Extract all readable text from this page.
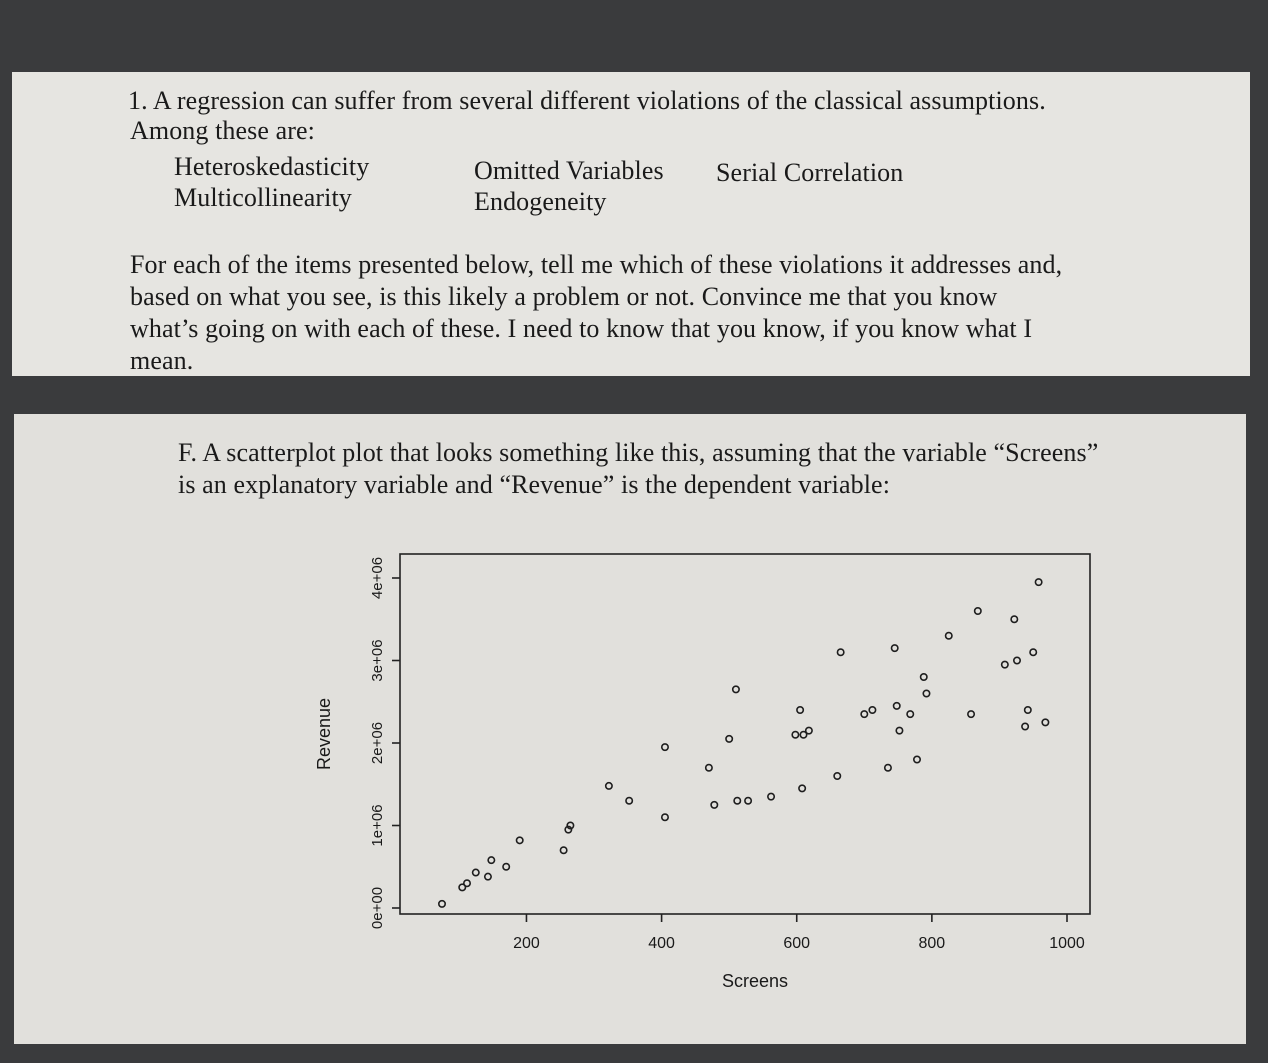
1. A regression can suffer from several different violations of the classical assumptions.
Among these are:
Heteroskedasticity	Omitted Variables Serial Correlation
Multicollinearity	Endogeneity
For each of the items presented below, tell me which of these violations it addresses and,
based on what you see, is this likely a problem or not. Convince me that you know
what’s going on with each of these. I need to know that you know, if you know what I
mean.
F. A scatterplot plot that looks something like this, assuming that the variable “Screens”
is an explanatory variable and “Revenue” is the dependent variable:
200	400	600	800	1000
0e+00
1e+06
2e+06
3e+06
4e+06
Screens
Revenue
